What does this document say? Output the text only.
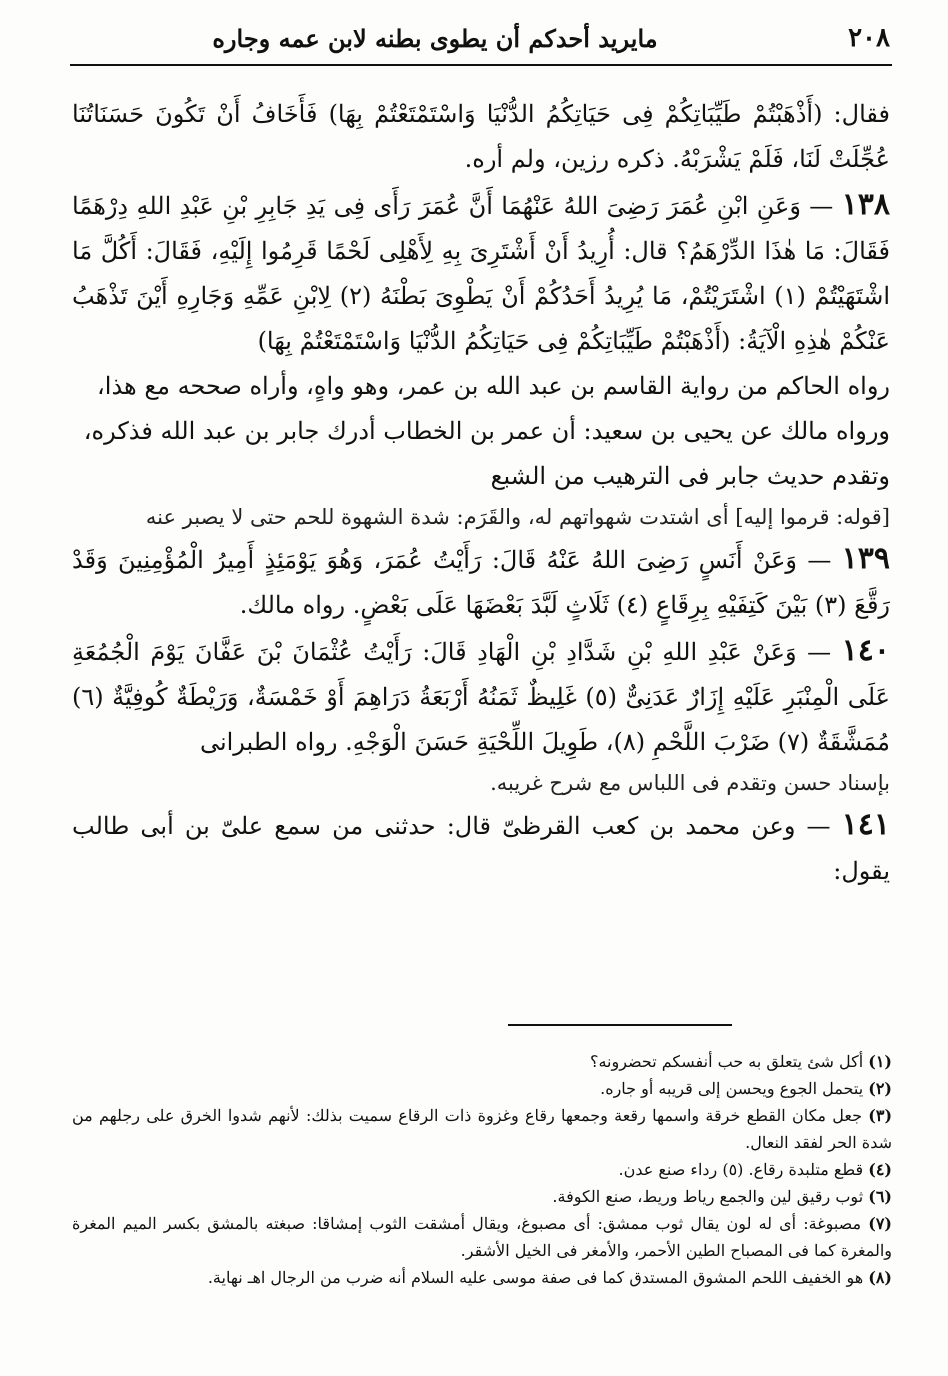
٢٠٨
مايريد أحدكم أن يطوى بطنه لابن عمه وجاره

فقال: (أَذْهَبْتُمْ طَيِّبَاتِكُمْ فِى حَيَاتِكُمُ الدُّنْيَا وَاسْتَمْتَعْتُمْ بِهَا) فَأَخَافُ أَنْ تَكُونَ حَسَنَاتُنَا عُجِّلَتْ لَنَا، فَلَمْ يَشْرَبْهُ. ذكره رزين، ولم أره.

١٣٨ — وَعَنِ ابْنِ عُمَرَ رَضِىَ اللهُ عَنْهُمَا أَنَّ عُمَرَ رَأَى فِى يَدِ جَابِرِ بْنِ عَبْدِ اللهِ دِرْهَمًا فَقَالَ: مَا هٰذَا الدِّرْهَمُ؟ قال: أُرِيدُ أَنْ أَشْتَرِىَ بِهِ لِأَهْلِى لَحْمًا قَرِمُوا إِلَيْهِ، فَقَالَ: أَكُلَّ مَا اشْتَهَيْتُمْ (١) اشْتَرَيْتُمْ، مَا يُرِيدُ أَحَدُكُمْ أَنْ يَطْوِىَ بَطْنَهُ (٢) لِابْنِ عَمِّهِ وَجَارِهِ أَيْنَ تَذْهَبُ عَنْكُمْ هٰذِهِ الْآيَةُ: (أَذْهَبْتُمْ طَيِّبَاتِكُمْ فِى حَيَاتِكُمُ الدُّنْيَا وَاسْتَمْتَعْتُمْ بِهَا)

رواه الحاكم من رواية القاسم بن عبد الله بن عمر، وهو واهٍ، وأراه صححه مع هذا،

ورواه مالك عن يحيى بن سعيد: أن عمر بن الخطاب أدرك جابر بن عبد الله فذكره،

وتقدم حديث جابر فى الترهيب من الشبع

[قوله: قرموا إليه] أى اشتدت شهواتهم له، والقَرَم: شدة الشهوة للحم حتى لا يصبر عنه

١٣٩ — وَعَنْ أَنَسٍ رَضِىَ اللهُ عَنْهُ قَالَ: رَأَيْتُ عُمَرَ، وَهُوَ يَوْمَئِذٍ أَمِيرُ الْمُؤْمِنِينَ وَقَدْ رَقَّعَ (٣) بَيْنَ كَتِفَيْهِ بِرِقَاعٍ (٤) ثَلَاثٍ لَبَّدَ بَعْضَهَا عَلَى بَعْضٍ. رواه مالك.

١٤٠ — وَعَنْ عَبْدِ اللهِ بْنِ شَدَّادِ بْنِ الْهَادِ قَالَ: رَأَيْتُ عُثْمَانَ بْنَ عَفَّانَ يَوْمَ الْجُمُعَةِ عَلَى الْمِنْبَرِ عَلَيْهِ إِزَارٌ عَدَنِىٌّ (٥) غَلِيظٌ ثَمَنُهُ أَرْبَعَةُ دَرَاهِمَ أَوْ خَمْسَةٌ، وَرَيْطَةٌ كُوفِيَّةٌ (٦) مُمَشَّقَةٌ (٧) ضَرْبَ اللَّحْمِ (٨)، طَوِيلَ اللِّحْيَةِ حَسَنَ الْوَجْهِ. رواه الطبرانى

بإسناد حسن وتقدم فى اللباس مع شرح غريبه.

١٤١ — وعن محمد بن كعب القرظىّ قال: حدثنى من سمع علىّ بن أبى طالب يقول:

(١) أكل شئ يتعلق به حب أنفسكم تحضرونه؟

(٢) يتحمل الجوع ويحسن إلى قريبه أو جاره.

(٣) جعل مكان القطع خرقة واسمها رقعة وجمعها رقاع وغزوة ذات الرقاع سميت بذلك: لأنهم شدوا الخرق على رجلهم من شدة الحر لفقد النعال.

(٤) قطع متلبدة رقاع. (٥) رداء صنع عدن.

(٦) ثوب رقيق لين والجمع رياط وريط، صنع الكوفة.

(٧) مصبوغة: أى له لون يقال ثوب ممشق: أى مصبوغ، ويقال أمشقت الثوب إمشاقا: صبغته بالمشق بكسر الميم المغرة والمغرة كما فى المصباح الطين الأحمر، والأمغر فى الخيل الأشقر.

(٨) هو الخفيف اللحم المشوق المستدق كما فى صفة موسى عليه السلام أنه ضرب من الرجال اهـ نهاية.
